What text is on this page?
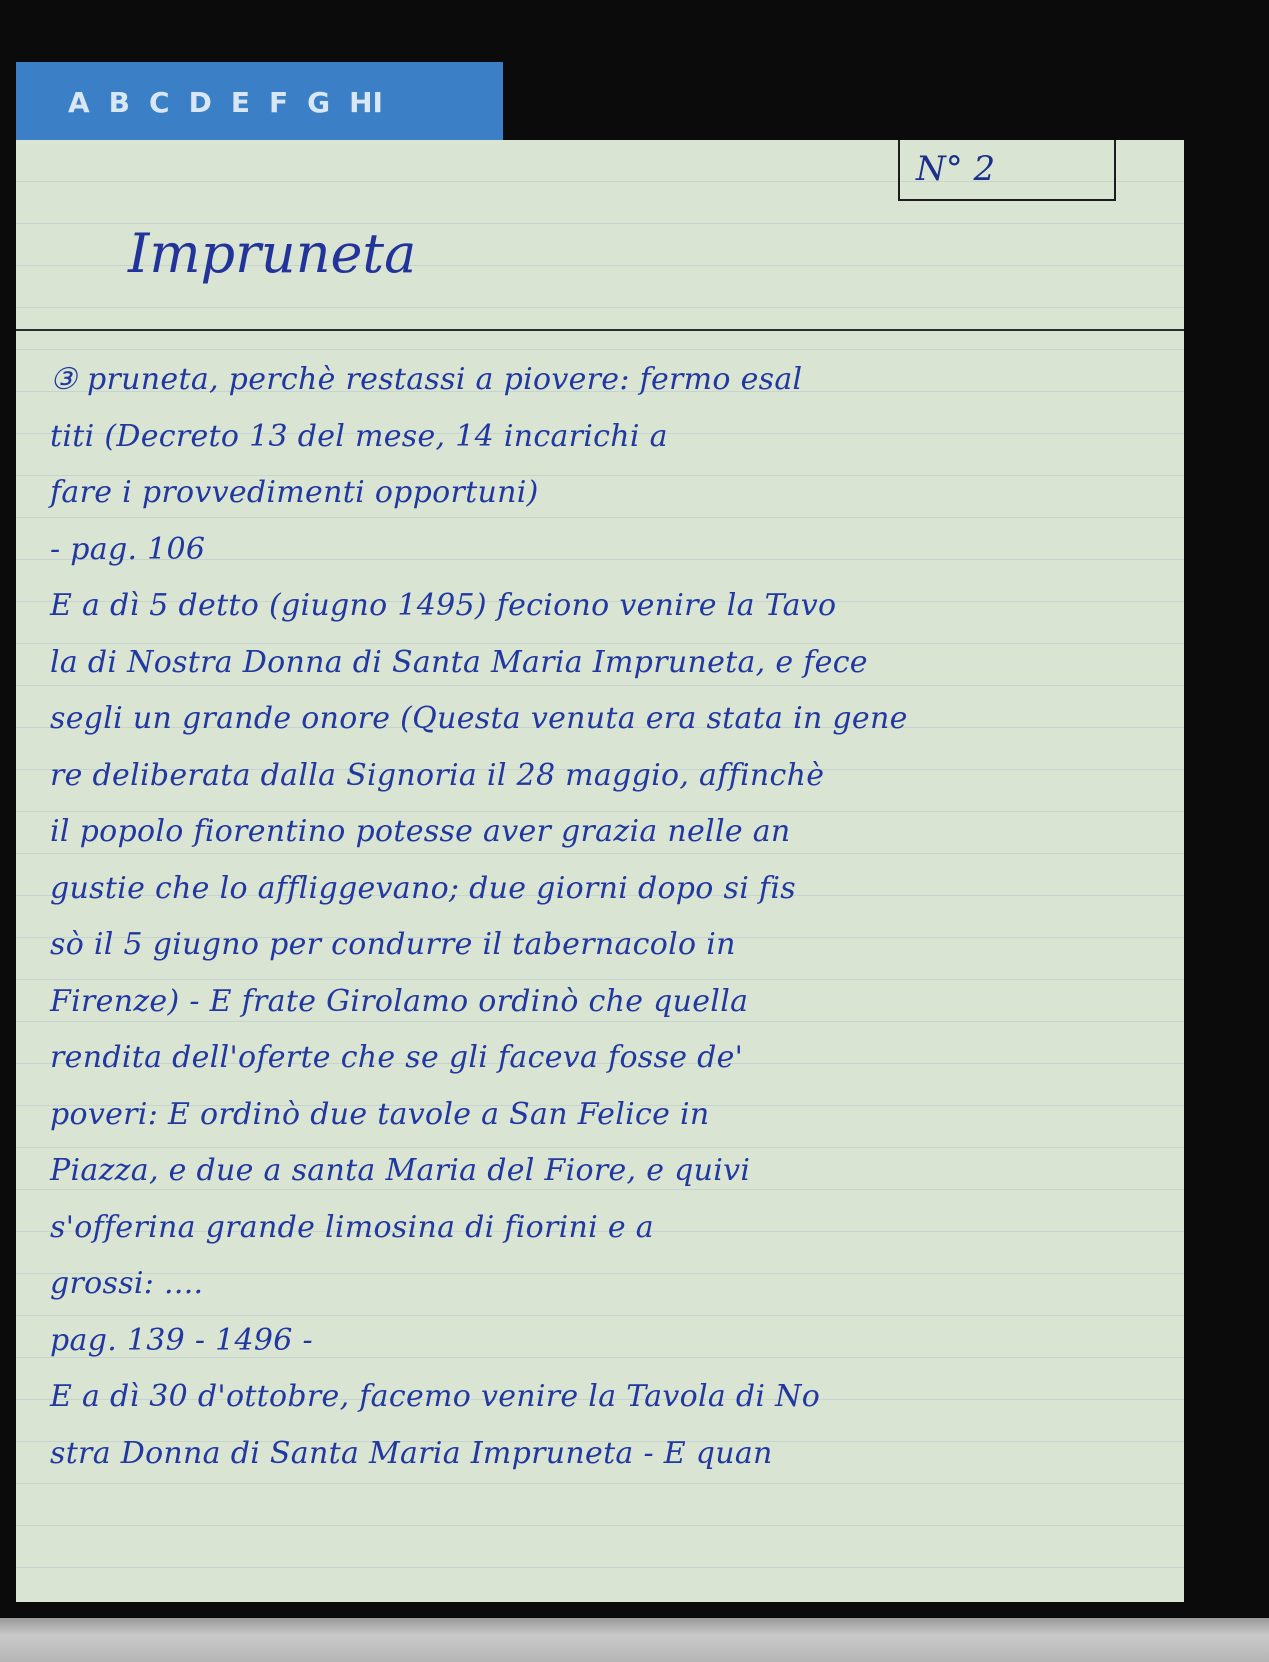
A B C D E F G HI
N° 2
Impruneta
③ pruneta, perchè restassi a piovere: fermo esal
titi (Decreto 13 del mese, 14 incarichi a
fare i provvedimenti opportuni)
- pag. 106
E a dì 5 detto (giugno 1495) feciono venire la Tavo
la di Nostra Donna di Santa Maria Impruneta, e fece
segli un grande onore (Questa venuta era stata in gene
re deliberata dalla Signoria il 28 maggio, affinchè
il popolo fiorentino potesse aver grazia nelle an
gustie che lo affliggevano; due giorni dopo si fis
sò il 5 giugno per condurre il tabernacolo in
Firenze) - E frate Girolamo ordinò che quella
rendita dell'oferte che se gli faceva fosse de'
poveri: E ordinò due tavole a San Felice in
Piazza, e due a santa Maria del Fiore, e quivi
s'offerina grande limosina di fiorini e a
grossi: ....
pag. 139 - 1496 -
E a dì 30 d'ottobre, facemo venire la Tavola di No
stra Donna di Santa Maria Impruneta - E quan
